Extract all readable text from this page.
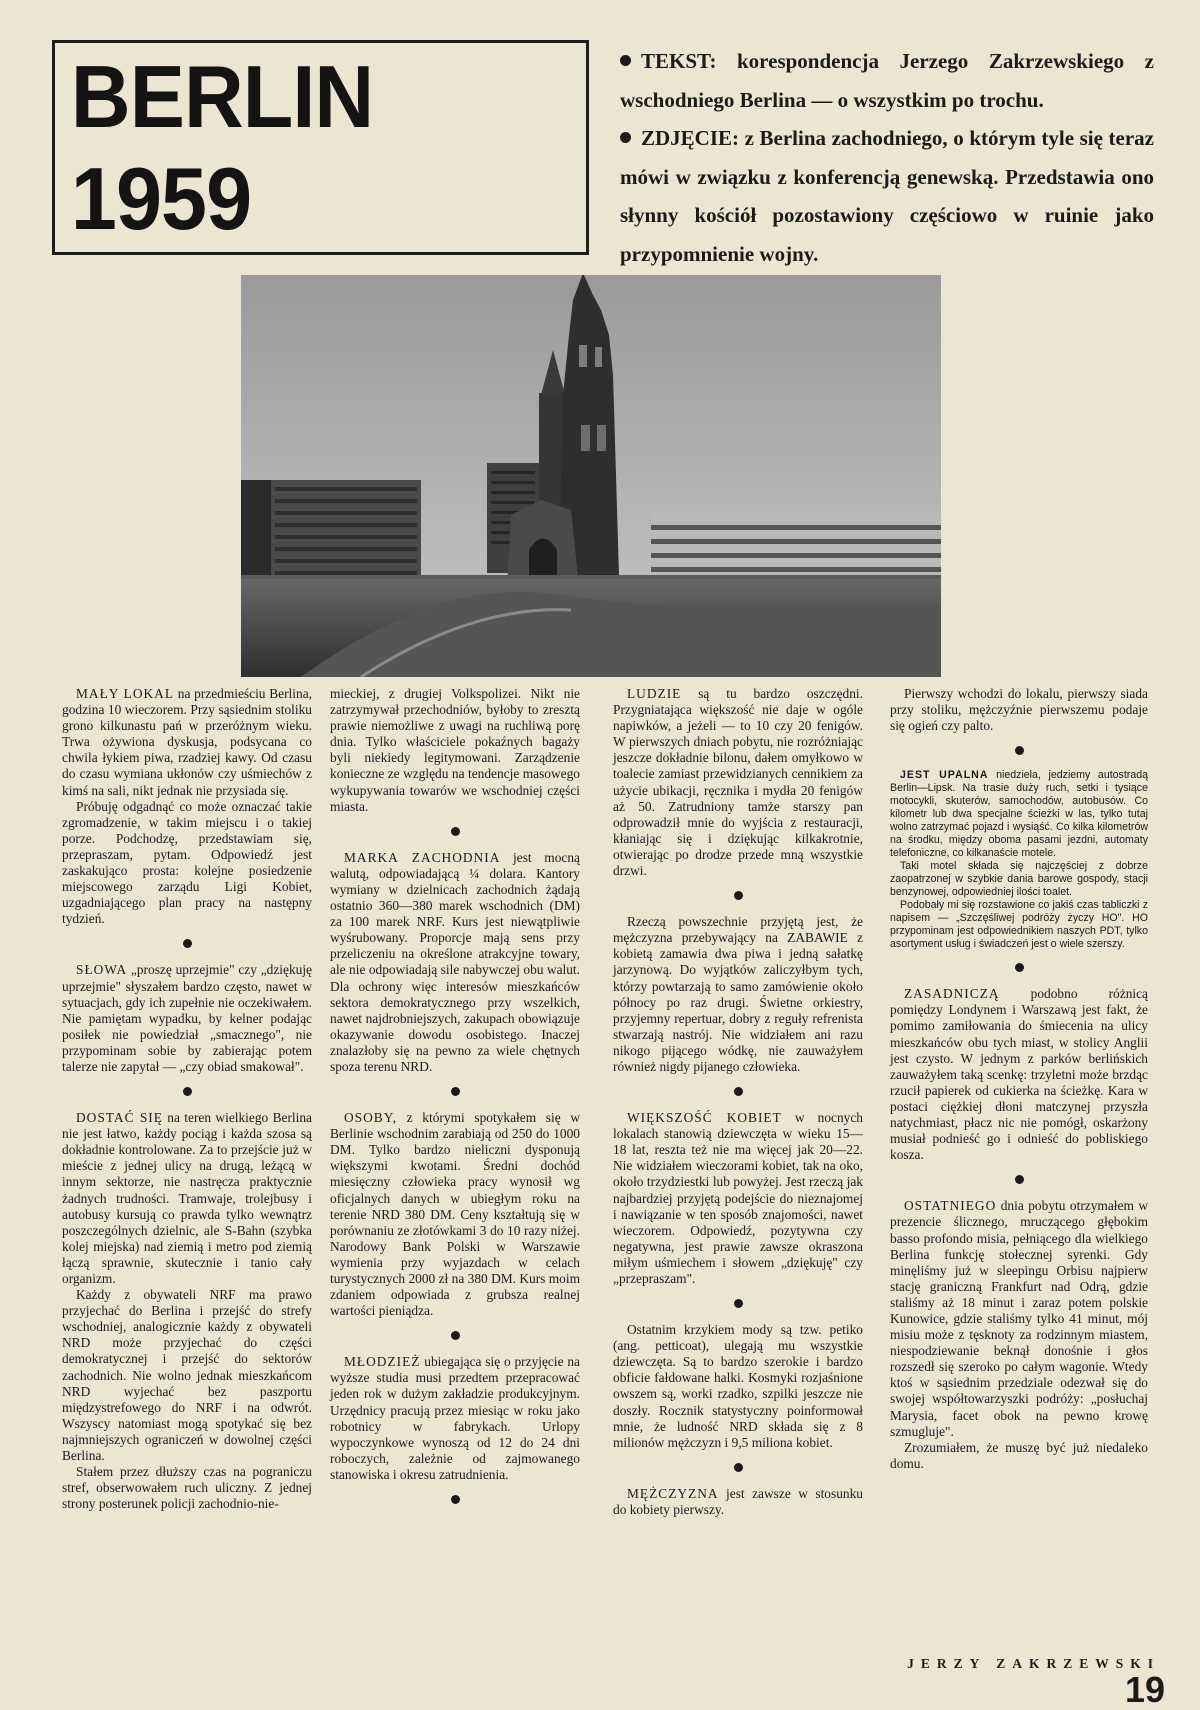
BERLIN 1959

TEKST: korespondencja Jerzego Zakrzewskiego z wschodniego Berlina — o wszystkim po trochu.

ZDJĘCIE: z Berlina zachodniego, o którym tyle się teraz mówi w związku z konferencją genewską. Przedstawia ono słynny kościół pozostawiony częściowo w ruinie jako przypomnienie wojny.

MAŁY LOKAL na przedmieściu Berlina, godzina 10 wieczorem. Przy sąsiednim stoliku grono kilkunastu pań w przeróżnym wieku. Trwa ożywiona dyskusja, podsycana co chwila łykiem piwa, rzadziej kawy. Od czasu do czasu wymiana ukłonów czy uśmiechów z kimś na sali, nikt jednak nie przysiada się.

Próbuję odgadnąć co może oznaczać takie zgromadzenie, w takim miejscu i o takiej porze. Podchodzę, przedstawiam się, przepraszam, pytam. Odpowiedź jest zaskakująco prosta: kolejne posiedzenie miejscowego zarządu Ligi Kobiet, uzgadniającego plan pracy na następny tydzień.

SŁOWA „proszę uprzejmie" czy „dziękuję uprzejmie" słyszałem bardzo często, nawet w sytuacjach, gdy ich zupełnie nie oczekiwałem. Nie pamiętam wypadku, by kelner podając posiłek nie powiedział „smacznego", nie przypominam sobie by zabierając potem talerze nie zapytał — „czy obiad smakował".

DOSTAĆ SIĘ na teren wielkiego Berlina nie jest łatwo, każdy pociąg i każda szosa są dokładnie kontrolowane. Za to przejście już w mieście z jednej ulicy na drugą, leżącą w innym sektorze, nie nastręcza praktycznie żadnych trudności. Tramwaje, trolejbusy i autobusy kursują co prawda tylko wewnątrz poszczególnych dzielnic, ale S-Bahn (szybka kolej miejska) nad ziemią i metro pod ziemią łączą sprawnie, skutecznie i tanio cały organizm.

Każdy z obywateli NRF ma prawo przyjechać do Berlina i przejść do strefy wschodniej, analogicznie każdy z obywateli NRD może przyjechać do części demokratycznej i przejść do sektorów zachodnich. Nie wolno jednak mieszkańcom NRD wyjechać bez paszportu międzystrefowego do NRF i na odwrót. Wszyscy natomiast mogą spotykać się bez najmniejszych ograniczeń w dowolnej części Berlina.

Stałem przez dłuższy czas na pograniczu stref, obserwowałem ruch uliczny. Z jednej strony posterunek policji zachodnio-nie-

mieckiej, z drugiej Volkspolizei. Nikt nie zatrzymywał przechodniów, byłoby to zresztą prawie niemożliwe z uwagi na ruchliwą porę dnia. Tylko właściciele pokaźnych bagaży byli niekiedy legitymowani. Zarządzenie konieczne ze względu na tendencje masowego wykupywania towarów we wschodniej części miasta.

MARKA ZACHODNIA jest mocną walutą, odpowiadającą ¼ dolara. Kantory wymiany w dzielnicach zachodnich żądają ostatnio 360—380 marek wschodnich (DM) za 100 marek NRF. Kurs jest niewątpliwie wyśrubowany. Proporcje mają sens przy przeliczeniu na określone atrakcyjne towary, ale nie odpowiadają sile nabywczej obu walut. Dla ochrony więc interesów mieszkańców sektora demokratycznego przy wszelkich, nawet najdrobniejszych, zakupach obowiązuje okazywanie dowodu osobistego. Inaczej znalazłoby się na pewno za wiele chętnych spoza terenu NRD.

OSOBY, z którymi spotykałem się w Berlinie wschodnim zarabiają od 250 do 1000 DM. Tylko bardzo nieliczni dysponują większymi kwotami. Średni dochód miesięczny człowieka pracy wynosił wg oficjalnych danych w ubiegłym roku na terenie NRD 380 DM. Ceny kształtują się w porównaniu ze złotówkami 3 do 10 razy niżej. Narodowy Bank Polski w Warszawie wymienia przy wyjazdach w celach turystycznych 2000 zł na 380 DM. Kurs moim zdaniem odpowiada z grubsza realnej wartości pieniądza.

MŁODZIEŻ ubiegająca się o przyjęcie na wyższe studia musi przedtem przepracować jeden rok w dużym zakładzie produkcyjnym. Urzędnicy pracują przez miesiąc w roku jako robotnicy w fabrykach. Urlopy wypoczynkowe wynoszą od 12 do 24 dni roboczych, zależnie od zajmowanego stanowiska i okresu zatrudnienia.

LUDZIE są tu bardzo oszczędni. Przygniatająca większość nie daje w ogóle napiwków, a jeżeli — to 10 czy 20 fenigów. W pierwszych dniach pobytu, nie rozróżniając jeszcze dokładnie bilonu, dałem omyłkowo w toalecie zamiast przewidzianych cennikiem za użycie ubikacji, ręcznika i mydła 20 fenigów aż 50. Zatrudniony tamże starszy pan odprowadził mnie do wyjścia z restauracji, kłaniając się i dziękując kilkakrotnie, otwierając po drodze przede mną wszystkie drzwi.

Rzeczą powszechnie przyjętą jest, że mężczyzna przebywający na ZABAWIE z kobietą zamawia dwa piwa i jedną sałatkę jarzynową. Do wyjątków zaliczyłbym tych, którzy powtarzają to samo zamówienie około północy po raz drugi. Świetne orkiestry, przyjemny repertuar, dobry z reguły refrenista stwarzają nastrój. Nie widziałem ani razu nikogo pijącego wódkę, nie zauważyłem również nigdy pijanego człowieka.

WIĘKSZOŚĆ KOBIET w nocnych lokalach stanowią dziewczęta w wieku 15—18 lat, reszta też nie ma więcej jak 20—22. Nie widziałem wieczorami kobiet, tak na oko, około trzydziestki lub powyżej. Jest rzeczą jak najbardziej przyjętą podejście do nieznajomej i nawiązanie w ten sposób znajomości, nawet wieczorem. Odpowiedź, pozytywna czy negatywna, jest prawie zawsze okraszona miłym uśmiechem i słowem „dziękuję" czy „przepraszam".

Ostatnim krzykiem mody są tzw. petiko (ang. petticoat), ulegają mu wszystkie dziewczęta. Są to bardzo szerokie i bardzo obficie fałdowane halki. Kosmyki rozjaśnione owszem są, worki rzadko, szpilki jeszcze nie doszły. Rocznik statystyczny poinformował mnie, że ludność NRD składa się z 8 milionów mężczyzn i 9,5 miliona kobiet.

MĘŻCZYZNA jest zawsze w stosunku do kobiety pierwszy.

Pierwszy wchodzi do lokalu, pierwszy siada przy stoliku, mężczyźnie pierwszemu podaje się ogień czy palto.

JEST UPALNA niedziela, jedziemy autostradą Berlin—Lipsk. Na trasie duży ruch, setki i tysiące motocykli, skuterów, samochodów, autobusów. Co kilometr lub dwa specjalne ścieżki w las, tylko tutaj wolno zatrzymać pojazd i wysiąść. Co kilka kilometrów na środku, między oboma pasami jezdni, automaty telefoniczne, co kilkanaście motele.

Taki motel składa się najczęściej z dobrze zaopatrzonej w szybkie dania barowe gospody, stacji benzynowej, odpowiedniej ilości toalet.

Podobały mi się rozstawione co jakiś czas tabliczki z napisem — „Szczęśliwej podróży życzy HO". HO przypominam jest odpowiednikiem naszych PDT, tylko asortyment usług i świadczeń jest o wiele szerszy.

ZASADNICZĄ podobno różnicą pomiędzy Londynem i Warszawą jest fakt, że pomimo zamiłowania do śmiecenia na ulicy mieszkańców obu tych miast, w stolicy Anglii jest czysto. W jednym z parków berlińskich zauważyłem taką scenkę: trzyletni może brzdąc rzucił papierek od cukierka na ścieżkę. Kara w postaci ciężkiej dłoni matczynej przyszła natychmiast, płacz nic nie pomógł, oskarżony musiał podnieść go i odnieść do pobliskiego kosza.

OSTATNIEGO dnia pobytu otrzymałem w prezencie ślicznego, mruczącego głębokim basso profondo misia, pełniącego dla wielkiego Berlina funkcję stołecznej syrenki. Gdy minęliśmy już w sleepingu Orbisu najpierw stację graniczną Frankfurt nad Odrą, gdzie staliśmy aż 18 minut i zaraz potem polskie Kunowice, gdzie staliśmy tylko 41 minut, mój misiu może z tęsknoty za rodzinnym miastem, niespodziewanie beknął donośnie i głos rozszedł się szeroko po całym wagonie. Wtedy ktoś w sąsiednim przedziale odezwał się do swojej współtowarzyszki podróży: „posłuchaj Marysia, facet obok na pewno krowę szmugluje".

Zrozumiałem, że muszę być już niedaleko domu.

JERZY ZAKRZEWSKI
19
